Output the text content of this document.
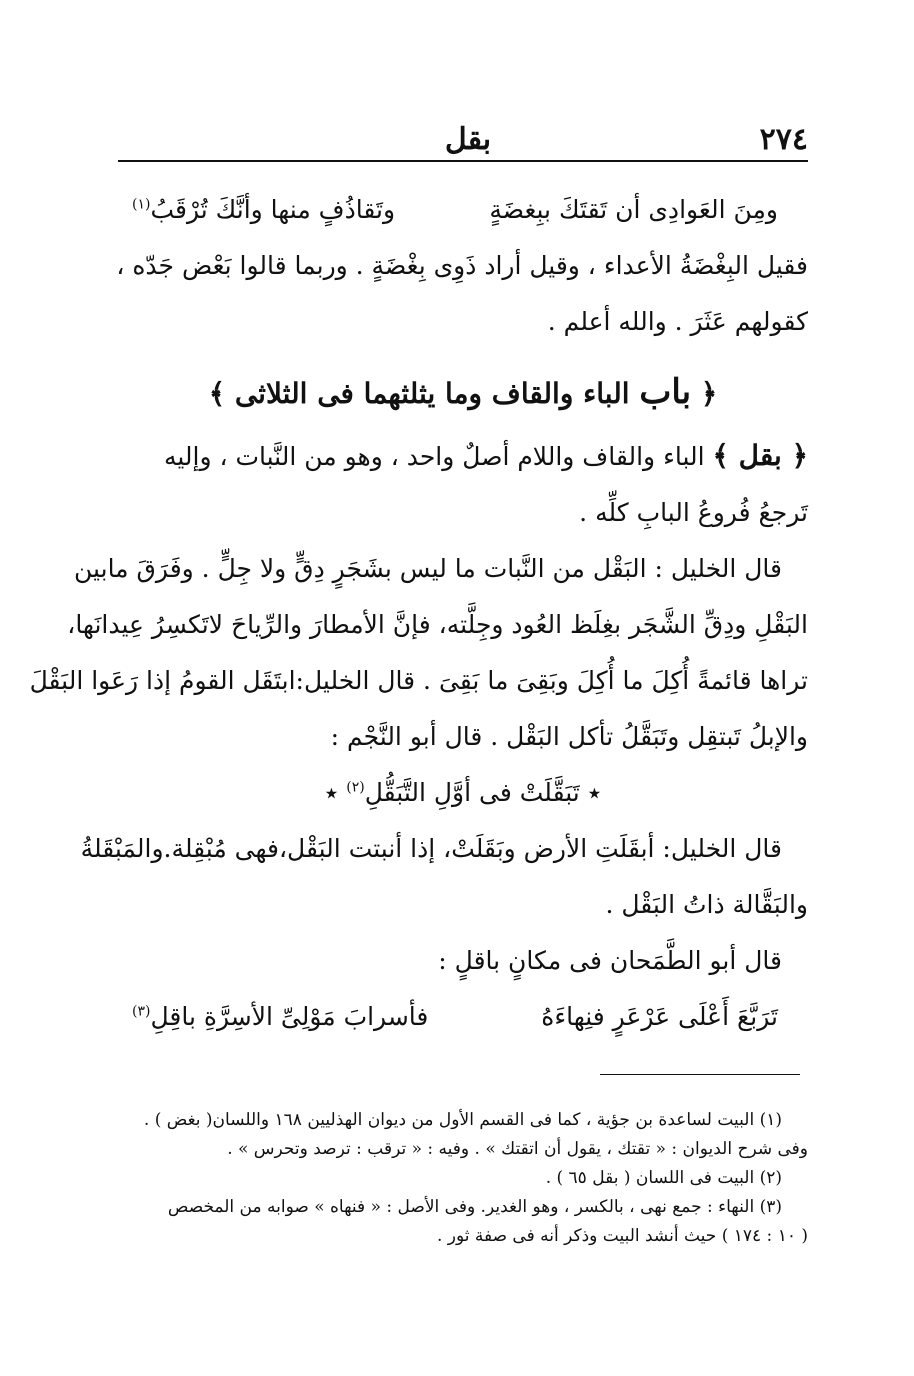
٢٧٤
بقل
ومِنَ العَوادِى أن تَقتَكَ ببِغضَةٍ
وتَقاذُفٍ منها وأنَّكَ تُرْقَبُ$^{(١)}$

فقيل البِغْضَةُ الأعداء ، وقيل أراد ذَوِى بِغْضَةٍ . وربما قالوا بَعْض جَدّه ،

كقولهم عَثَرَ . والله أعلم .

﴿ باب الباء والقاف وما يثلثهما فى الثلاثى ﴾

﴿ بقل ﴾ الباء والقاف واللام أصلٌ واحد ، وهو من النَّبات ، وإليه

تَرجعُ فُروعُ البابِ كلِّه .

قال الخليل : البَقْل من النَّبات ما ليس بشَجَرٍ دِقٍّ ولا جِلٍّ . وفَرَقَ مابين

البَقْلِ ودِقِّ الشَّجَر بغِلَظ العُود وجِلَّته، فإنَّ الأمطارَ والرِّياحَ لاتَكسِرُ عِيدانَها،

تراها قائمةً أُكِلَ ما أُكِلَ وبَقِىَ ما بَقِىَ . قال الخليل:ابتَقَل القومُ إذا رَعَوا البَقْلَ

والإبلُ تَبتقِل وتَبَقَّلُ تأكل البَقْل . قال أبو النَّجْم :

٭ تَبَقَّلَتْ فى أوَّلِ التَّبَقُّلِ$^{(٢)}$ ٭

قال الخليل: أبقَلَتِ الأرض وبَقَلَتْ، إذا أنبتت البَقْل،فهى مُبْقِلة.والمَبْقَلةُ

والبَقَّالة ذاتُ البَقْل .

قال أبو الطَّمَحان فى مكانٍ باقلٍ :

تَرَبَّعَ أَعْلَى عَرْعَرٍ فنِهاءَهُ
فأسرابَ مَوْلِىِّ الأسِرَّةِ باقِلِ$^{(٣)}$

(١) البيت لساعدة بن جؤية ، كما فى القسم الأول من ديوان الهذليين ١٦٨ واللسان( بغض ) .

وفى شرح الديوان : « تقتك ، يقول أن اتقتك » . وفيه : « ترقب : ترصد وتحرس » .

(٢) البيت فى اللسان ( بقل ٦٥ ) .

(٣) النهاء : جمع نهى ، بالكسر ، وهو الغدير. وفى الأصل : « فنهاه » صوابه من المخصص

( ١٠ : ١٧٤ ) حيث أنشد البيت وذكر أنه فى صفة ثور .
